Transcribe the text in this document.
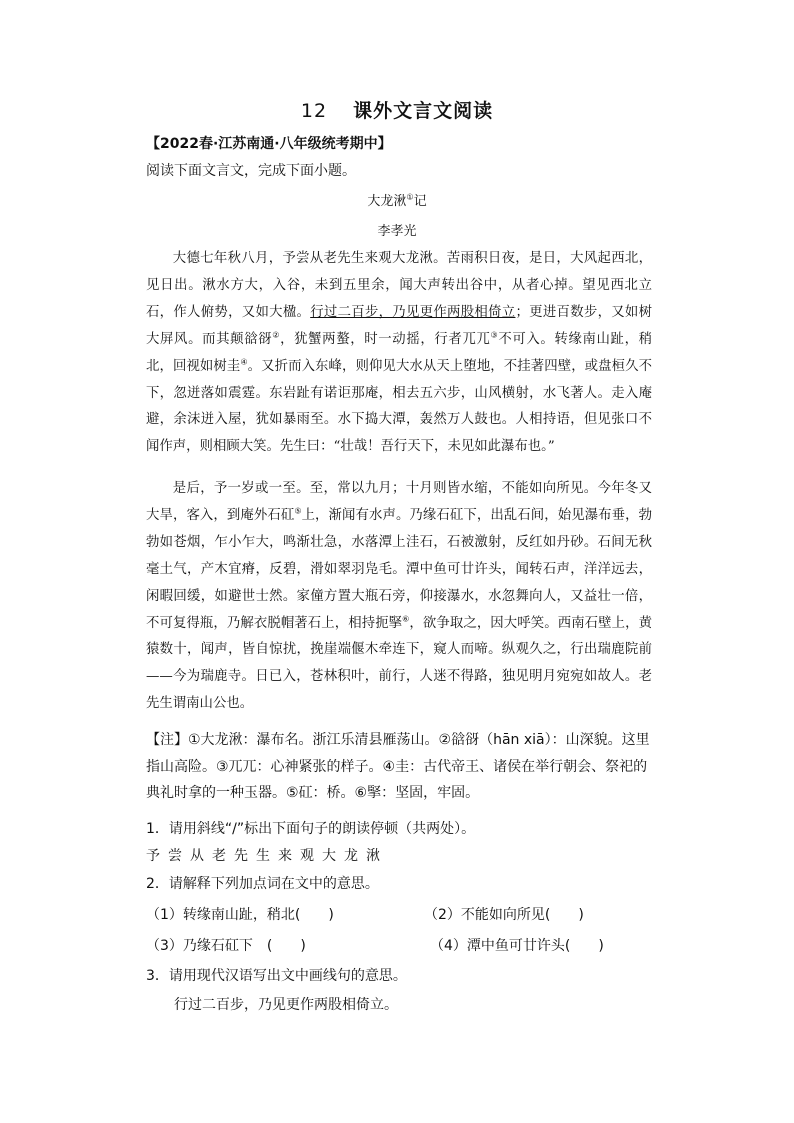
12 课外文言文阅读
【2022春·江苏南通·八年级统考期中】
阅读下面文言文，完成下面小题。
大龙湫①记
李孝光

大德七年秋八月，予尝从老先生来观大龙湫。苦雨积日夜，是日，大风起西北，见日出。湫水方大，入谷，未到五里余，闻大声转出谷中，从者心掉。望见西北立石，作人俯势，又如大楹。行过二百步，乃见更作两股相倚立；更进百数步，又如树大屏风。而其颠谽谺②，犹蟹两螯，时一动摇，行者兀兀③不可入。转缘南山趾，稍北，回视如树圭④。又折而入东峰，则仰见大水从天上堕地，不挂著四壁，或盘桓久不下，忽迸落如震霆。东岩趾有诺讵那庵，相去五六步，山风横射，水飞著人。走入庵避，余沫迸入屋，犹如暴雨至。水下捣大潭，轰然万人鼓也。人相持语，但见张口不闻作声，则相顾大笑。先生曰：“壮哉！吾行天下，未见如此瀑布也。”

是后，予一岁或一至。至，常以九月；十月则皆水缩，不能如向所见。今年冬又大旱，客入，到庵外石矼⑤上，渐闻有水声。乃缘石矼下，出乱石间，始见瀑布垂，勃勃如苍烟，乍小乍大，鸣渐壮急，水落潭上洼石，石被激射，反红如丹砂。石间无秋毫土气，产木宜瘠，反碧，滑如翠羽凫毛。潭中鱼可廿许头，闻转石声，洋洋远去，闲暇回缓，如避世士然。家僮方置大瓶石旁，仰接瀑水，水忽舞向人，又益壮一倍，不可复得瓶，乃解衣脱帽著石上，相持扼掔⑥，欲争取之，因大呼笑。西南石壁上，黄猿数十，闻声，皆自惊扰，挽崖端偃木牵连下，窥人而啼。纵观久之，行出瑞鹿院前——今为瑞鹿寺。日已入，苍林积叶，前行，人迷不得路，独见明月宛宛如故人。老先生谓南山公也。

【注】①大龙湫：瀑布名。浙江乐清县雁荡山。②谽谺（hān xiā）：山深貌。这里指山高险。③兀兀：心神紧张的样子。④圭：古代帝王、诸侯在举行朝会、祭祀的典礼时拿的一种玉器。⑤矼：桥。⑥掔：坚固，牢固。
1．请用斜线“/”标出下面句子的朗读停顿（共两处）。
予尝从老先生来观大龙湫
2．请解释下列加点词在文中的意思。
（1）转缘南山趾，稍北(　　)	（2）不能如向所见(　　)
（3）乃缘石矼下　(　　)	（4）潭中鱼可廿许头(　　)
3．请用现代汉语写出文中画线句的意思。
行过二百步，乃见更作两股相倚立。
